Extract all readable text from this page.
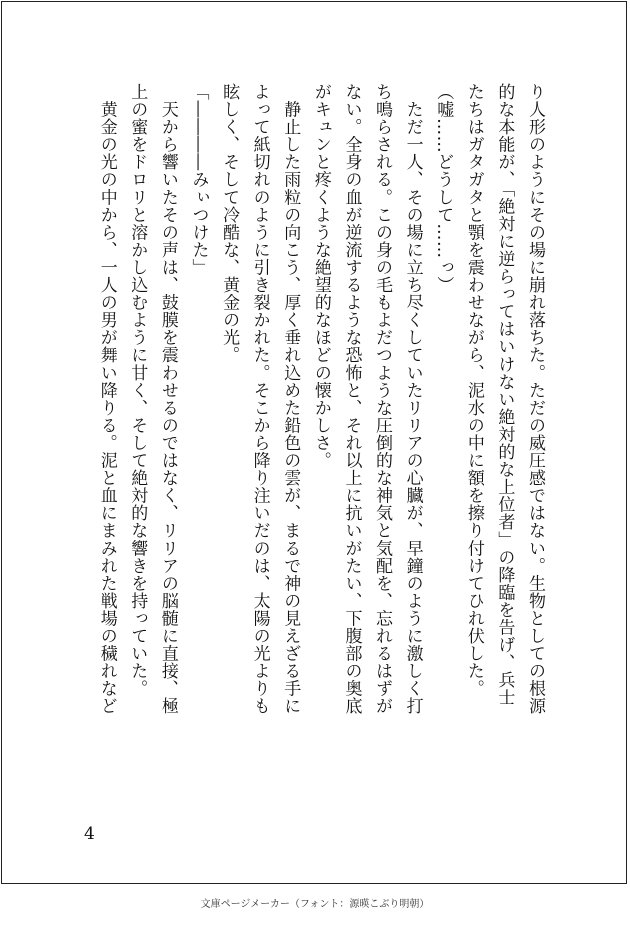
り人形のようにその場に崩れ落ちた。ただの威圧感ではない。生物としての根源

的な本能が、「絶対に逆らってはいけない絶対的な上位者」の降臨を告げ、兵士

たちはガタガタと顎を震わせながら、泥水の中に額を擦り付けてひれ伏した。

（嘘……どうして……っ）

　ただ一人、その場に立ち尽くしていたリリアの心臓が、早鐘のように激しく打

ち鳴らされる。この身の毛もよだつような圧倒的な神気と気配を、忘れるはずが

ない。全身の血が逆流するような恐怖と、それ以上に抗いがたい、下腹部の奥底

がキュンと疼くような絶望的なほどの懐かしさ。

　静止した雨粒の向こう、厚く垂れ込めた鉛色の雲が、まるで神の見えざる手に

よって紙切れのように引き裂かれた。そこから降り注いだのは、太陽の光よりも

眩しく、そして冷酷な、黄金の光。

「――――みぃつけた」

　天から響いたその声は、鼓膜を震わせるのではなく、リリアの脳髄に直接、極

上の蜜をドロリと溶かし込むように甘く、そして絶対的な響きを持っていた。

　黄金の光の中から、一人の男が舞い降りる。泥と血にまみれた戦場の穢れなど

4
文庫ページメーカー（フォント：源暎こぶり明朝）
